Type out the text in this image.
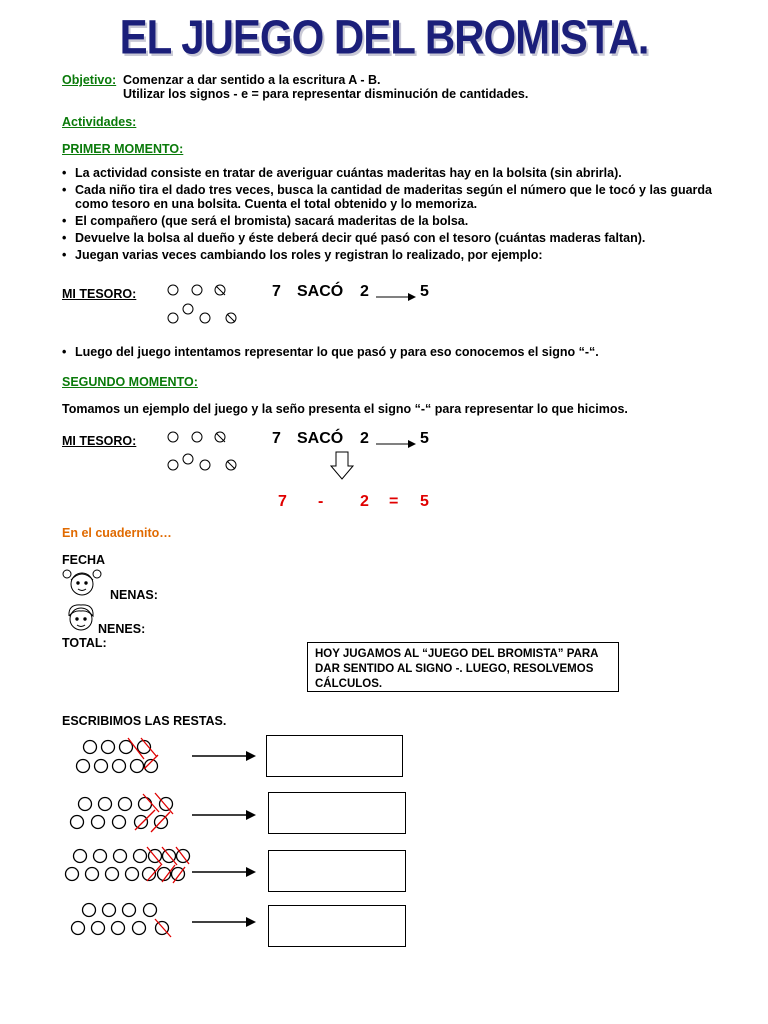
EL JUEGO DEL BROMISTA.
Objetivo: Comenzar a dar sentido a la escritura A - B.
Utilizar los signos - e = para representar disminución de cantidades.
Actividades:
PRIMER MOMENTO:
• La actividad consiste en tratar de averiguar cuántas maderitas hay en la bolsita (sin abrirla).
• Cada niño tira el dado tres veces, busca la cantidad de maderitas según el número que le tocó y las guarda como tesoro en una bolsita. Cuenta el total obtenido y lo memoriza.
• El compañero (que será el bromista) sacará maderitas de la bolsa.
• Devuelve la bolsa al dueño y éste deberá decir qué pasó con el tesoro (cuántas maderas faltan).
• Juegan varias veces cambiando los roles y registran lo realizado, por ejemplo:
MI TESORO:	7 SACÓ 2	5
• Luego del juego intentamos representar lo que pasó y para eso conocemos el signo “-“.
SEGUNDO MOMENTO:
Tomamos un ejemplo del juego y la seño presenta el signo “-“ para representar lo que hicimos.
MI TESORO:	7 SACÓ 2	5
7 - 2 = 5
En el cuadernito…
FECHA
NENAS:
NENES:
TOTAL:
HOY JUGAMOS AL “JUEGO DEL BROMISTA” PARA DAR SENTIDO AL SIGNO -. LUEGO, RESOLVEMOS CÁLCULOS.
ESCRIBIMOS LAS RESTAS.
